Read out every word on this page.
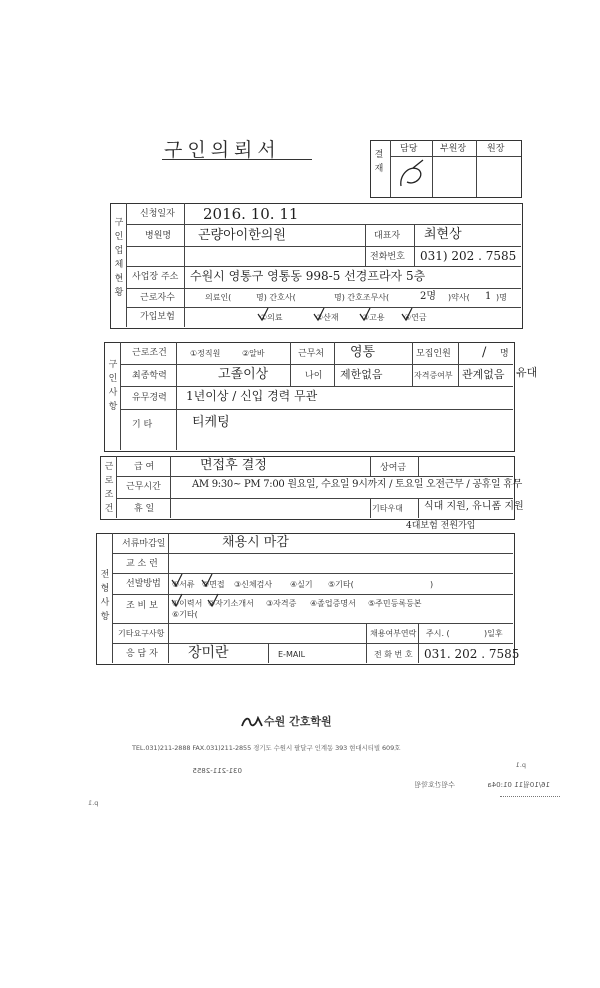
구인의뢰서	결재
담당	부원장 원장
구인업체현황
신청일자 2016. 10. 11
병원명 곤량아이한의원	대표자 최현상
전화번호 031) 202 . 7585
사업장 주소 수원시 영통구 영통동 998-5 선경프라자 5층
근로자수	의료인(	명) 간호사(	명) 간호조무사(	2명 )약사( 1 )명
가입보험	①의료	②산재	③고용 ④연금
구인사항
근로조건	①정직원	②알바	근무처 영통	모집인원 / 명
최종학력	고졸이상	나이 제한없음	자격증여부 관계없음 유대
유무경력 1년이상 / 신입 경력 무관
기 타	티케팅
근로조건
급 여	면접후 결정	상여금
근무시간	AM 9:30~ PM 7:00 원요일, 수요일 9시까지 / 토요일 오전근무 / 공휴일 휴무
휴 일	기타우대 식대 지원, 유니폼 지원
4대보험 전원가입
전형사항
서류마감일	채용시 마감
교 소 런
선발방법 ①서류 ②면접 ③신체검사 ④실기 ⑤기타(	)
조 비 보 ①이력서 ②자기소개서 ③자격증 ④졸업증명서 ⑤주민등록등본
⑥기타(
기타요구사항	채용여부연락 주시. (	)일후
응 담 자 장미란	E-MAIL	전 화 번 호 031. 202 . 7585
수원 간호학원
TEL.031)211-2888 FAX.031)211-2855 경기도 수원시 팔달구 인계동 393 현대시티빌 609호
p.1
031-211-2855
16/10월11 01:04a
수원간호학원
p.1
